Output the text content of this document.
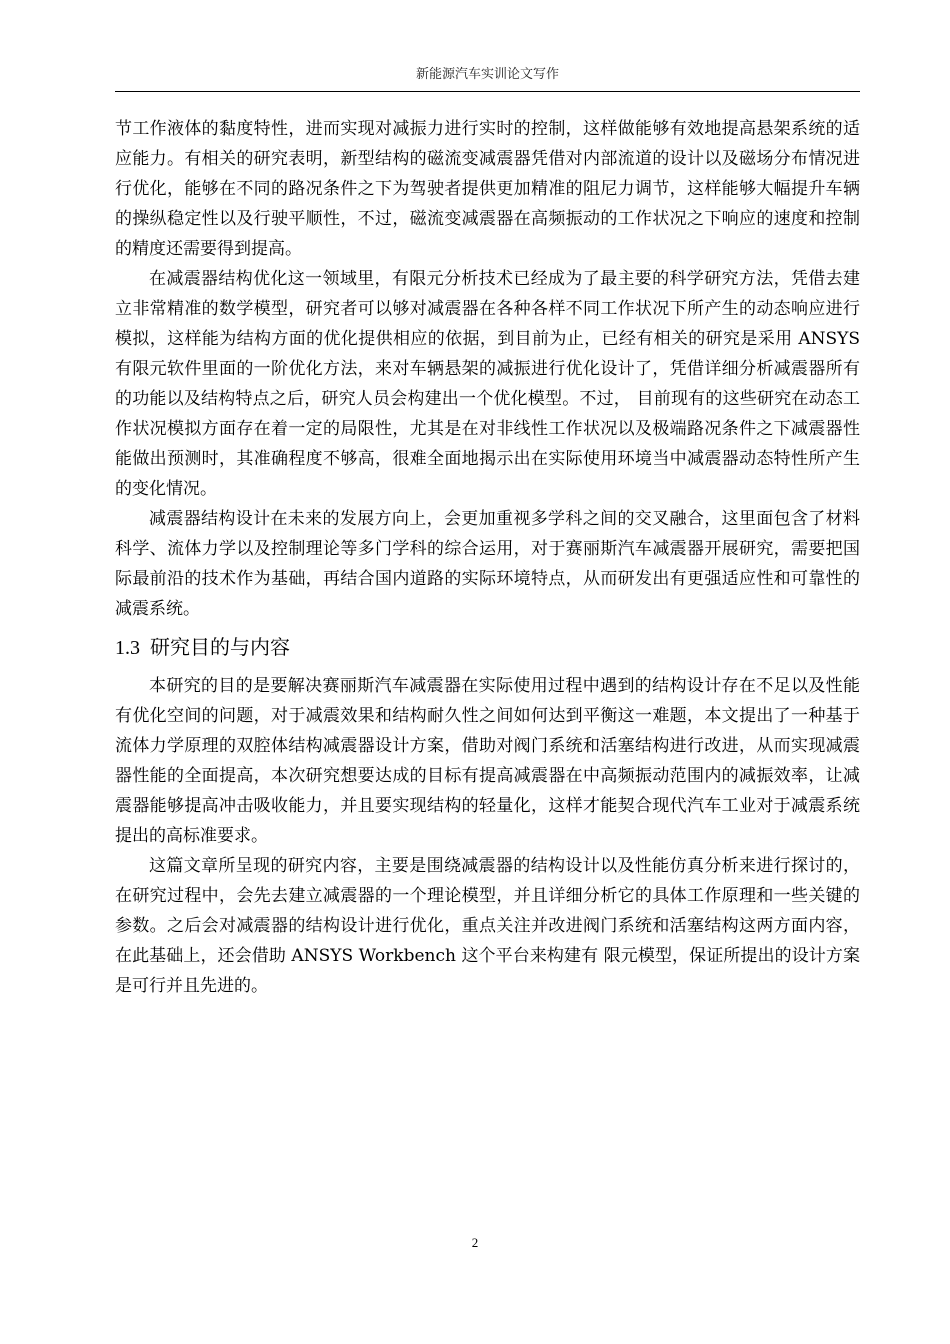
新能源汽车实训论文写作

节工作液体的黏度特性，进而实现对减振力进行实时的控制，这样做能够有效地提高悬架系统的适应能力。有相关的研究表明，新型结构的磁流变减震器凭借对内部流道的设计以及磁场分布情况进行优化，能够在不同的路况条件之下为驾驶者提供更加精准的阻尼力调节，这样能够大幅提升车辆的操纵稳定性以及行驶平顺性，不过，磁流变减震器在高频振动的工作状况之下响应的速度和控制的精度还需要得到提高。

在减震器结构优化这一领域里，有限元分析技术已经成为了最主要的科学研究方法，凭借去建立非常精准的数学模型，研究者可以够对减震器在各种各样不同工作状况下所产生的动态响应进行模拟，这样能为结构方面的优化提供相应的依据，到目前为止，已经有相关的研究是采用 ANSYS 有限元软件里面的一阶优化方法，来对车辆悬架的减振进行优化设计了，凭借详细分析减震器所有的功能以及结构特点之后，研究人员会构建出一个优化模型。不过， 目前现有的这些研究在动态工作状况模拟方面存在着一定的局限性，尤其是在对非线性工作状况以及极端路况条件之下减震器性能做出预测时，其准确程度不够高，很难全面地揭示出在实际使用环境当中减震器动态特性所产生的变化情况。

减震器结构设计在未来的发展方向上，会更加重视多学科之间的交叉融合，这里面包含了材料科学、流体力学以及控制理论等多门学科的综合运用，对于赛丽斯汽车减震器开展研究，需要把国际最前沿的技术作为基础，再结合国内道路的实际环境特点，从而研发出有更强适应性和可靠性的减震系统。

1.3 研究目的与内容

本研究的目的是要解决赛丽斯汽车减震器在实际使用过程中遇到的结构设计存在不足以及性能有优化空间的问题，对于减震效果和结构耐久性之间如何达到平衡这一难题，本文提出了一种基于流体力学原理的双腔体结构减震器设计方案，借助对阀门系统和活塞结构进行改进，从而实现减震器性能的全面提高，本次研究想要达成的目标有提高减震器在中高频振动范围内的减振效率，让减震器能够提高冲击吸收能力，并且要实现结构的轻量化，这样才能契合现代汽车工业对于减震系统提出的高标准要求。

这篇文章所呈现的研究内容，主要是围绕减震器的结构设计以及性能仿真分析来进行探讨的，在研究过程中，会先去建立减震器的一个理论模型，并且详细分析它的具体工作原理和一些关键的参数。之后会对减震器的结构设计进行优化，重点关注并改进阀门系统和活塞结构这两方面内容，在此基础上，还会借助 ANSYS Workbench 这个平台来构建有 限元模型，保证所提出的设计方案是可行并且先进的。

2
